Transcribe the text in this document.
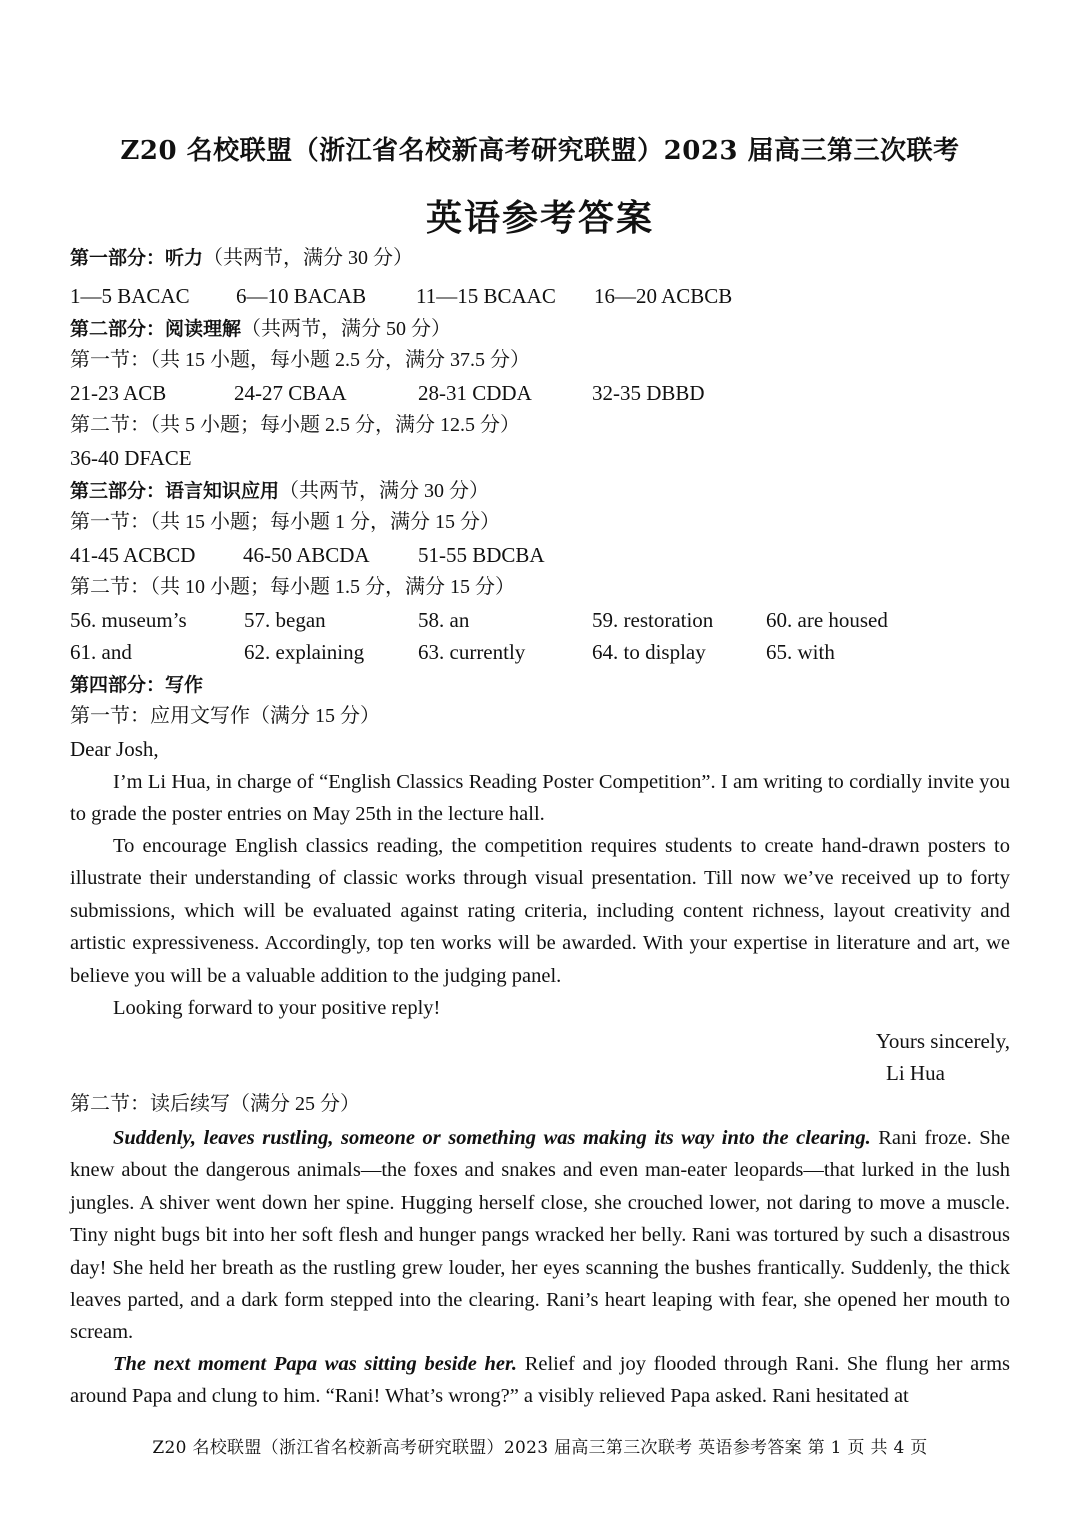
Z20 名校联盟（浙江省名校新高考研究联盟）2023 届高三第三次联考
英语参考答案
第一部分：听力（共两节，满分 30 分）
1—5 BACAC 6—10 BACAB 11—15 BCAAC 16—20 ACBCB
第二部分：阅读理解（共两节，满分 50 分）
第一节：（共 15 小题，每小题 2.5 分，满分 37.5 分）
21-23 ACB	24-27 CBAA	28-31 CDDA	32-35 DBBD
第二节：（共 5 小题；每小题 2.5 分，满分 12.5 分）
36-40 DFACE
第三部分：语言知识应用（共两节，满分 30 分）
第一节：（共 15 小题；每小题 1 分，满分 15 分）
41-45 ACBCD 46-50 ABCDA 51-55 BDCBA
第二节：（共 10 小题；每小题 1.5 分，满分 15 分）
56. museum’s	57. began	58. an	59. restoration	60. are housed
61. and	62. explaining	63. currently	64. to display	65. with
第四部分：写作
第一节：应用文写作（满分 15 分）
Dear Josh,
I’m Li Hua, in charge of “English Classics Reading Poster Competition”. I am writing to cordially invite you to grade the poster entries on May 25th in the lecture hall.
To encourage English classics reading, the competition requires students to create hand-drawn posters to illustrate their understanding of classic works through visual presentation. Till now we’ve received up to forty submissions, which will be evaluated against rating criteria, including content richness, layout creativity and artistic expressiveness. Accordingly, top ten works will be awarded. With your expertise in literature and art, we believe you will be a valuable addition to the judging panel.
Looking forward to your positive reply!
Yours sincerely,
Li Hua
第二节：读后续写（满分 25 分）
Suddenly, leaves rustling, someone or something was making its way into the clearing. Rani froze. She knew about the dangerous animals—the foxes and snakes and even man-eater leopards—that lurked in the lush jungles. A shiver went down her spine. Hugging herself close, she crouched lower, not daring to move a muscle. Tiny night bugs bit into her soft flesh and hunger pangs wracked her belly. Rani was tortured by such a disastrous day! She held her breath as the rustling grew louder, her eyes scanning the bushes frantically. Suddenly, the thick leaves parted, and a dark form stepped into the clearing. Rani’s heart leaping with fear, she opened her mouth to scream.
The next moment Papa was sitting beside her. Relief and joy flooded through Rani. She flung her arms around Papa and clung to him. “Rani! What’s wrong?” a visibly relieved Papa asked. Rani hesitated at
Z20 名校联盟（浙江省名校新高考研究联盟）2023 届高三第三次联考 英语参考答案 第 1 页 共 4 页
